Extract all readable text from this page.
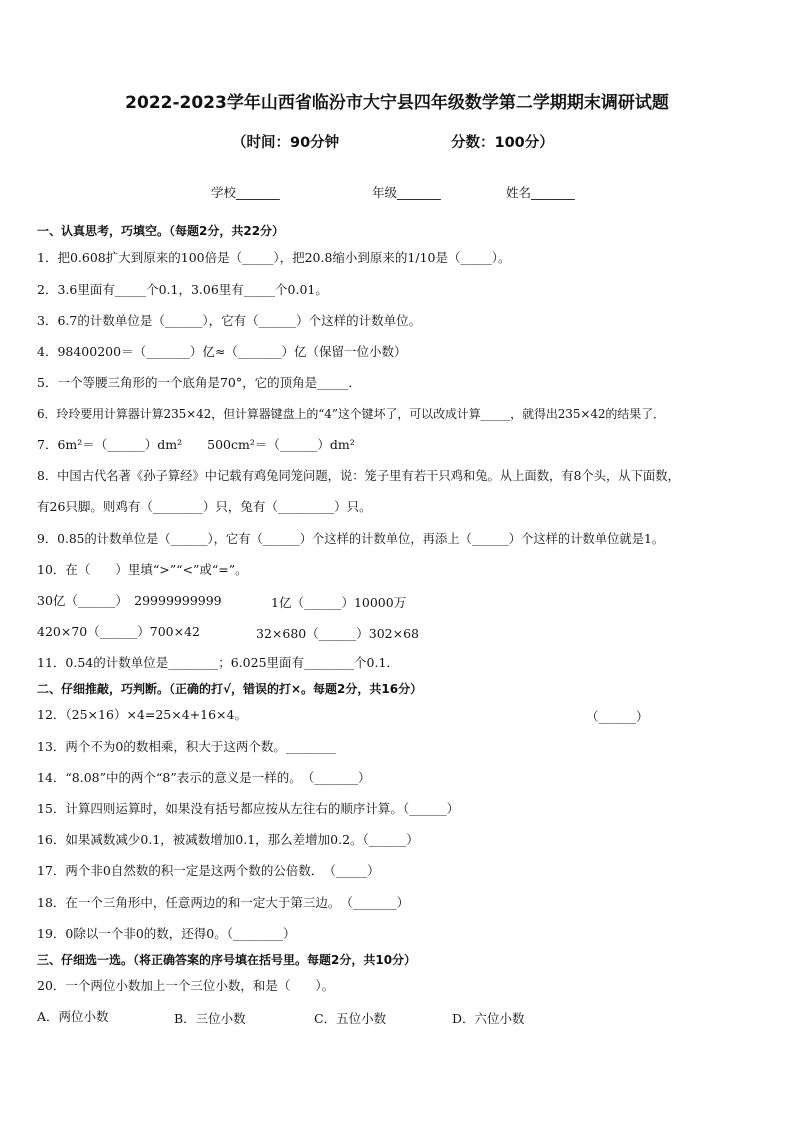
2022-2023学年山西省临汾市大宁县四年级数学第二学期期末调研试题
（时间：90分钟	分数：100分）
学校_______	年级_______	姓名_______
一、认真思考，巧填空。（每题2分，共22分）
1．把0.608扩大到原来的100倍是（_____），把20.8缩小到原来的1/10是（_____）。
2．3.6里面有_____个0.1，3.06里有_____个0.01。
3．6.7的计数单位是（______），它有（______）个这样的计数单位。
4．98400200＝（_______）亿≈（_______）亿（保留一位小数）
5．一个等腰三角形的一个底角是70°，它的顶角是_____．
6．玲玲要用计算器计算235×42，但计算器键盘上的“4”这个键坏了，可以改成计算_____，就得出235×42的结果了．
7．6m²＝（______）dm²　　500cm²＝（______）dm²
8．中国古代名著《孙子算经》中记载有鸡兔同笼问题，说：笼子里有若干只鸡和兔。从上面数，有8个头，从下面数，
有26只脚。则鸡有（________）只，兔有（_________）只。
9．0.85的计数单位是（______），它有（______）个这样的计数单位，再添上（______）个这样的计数单位就是1。
10．在（　　）里填“>”“<”或“=”。
30亿（______）　29999999999	1亿（______）10000万
420×70（______）700×42	32×680（______）302×68
11．0.54的计数单位是________；6.025里面有________个0.1．
二、仔细推敲，巧判断。（正确的打√，错误的打×。每题2分，共16分）
12．（25×16）×4=25×4+16×4。	（______）
13．两个不为0的数相乘，积大于这两个数。________
14．“8.08”中的两个“8”表示的意义是一样的。　（_______）
15．计算四则运算时，如果没有括号都应按从左往右的顺序计算。（______）
16．如果减数减少0.1，被减数增加0.1，那么差增加0.2。（______）
17．两个非0自然数的积一定是这两个数的公倍数．　（_____）
18．在一个三角形中，任意两边的和一定大于第三边。　（_______）
19．0除以一个非0的数，还得0。（________）
三、仔细选一选。（将正确答案的序号填在括号里。每题2分，共10分）
20．一个两位小数加上一个三位小数，和是（　　）。
A．两位小数	B．三位小数	C．五位小数	D．六位小数
